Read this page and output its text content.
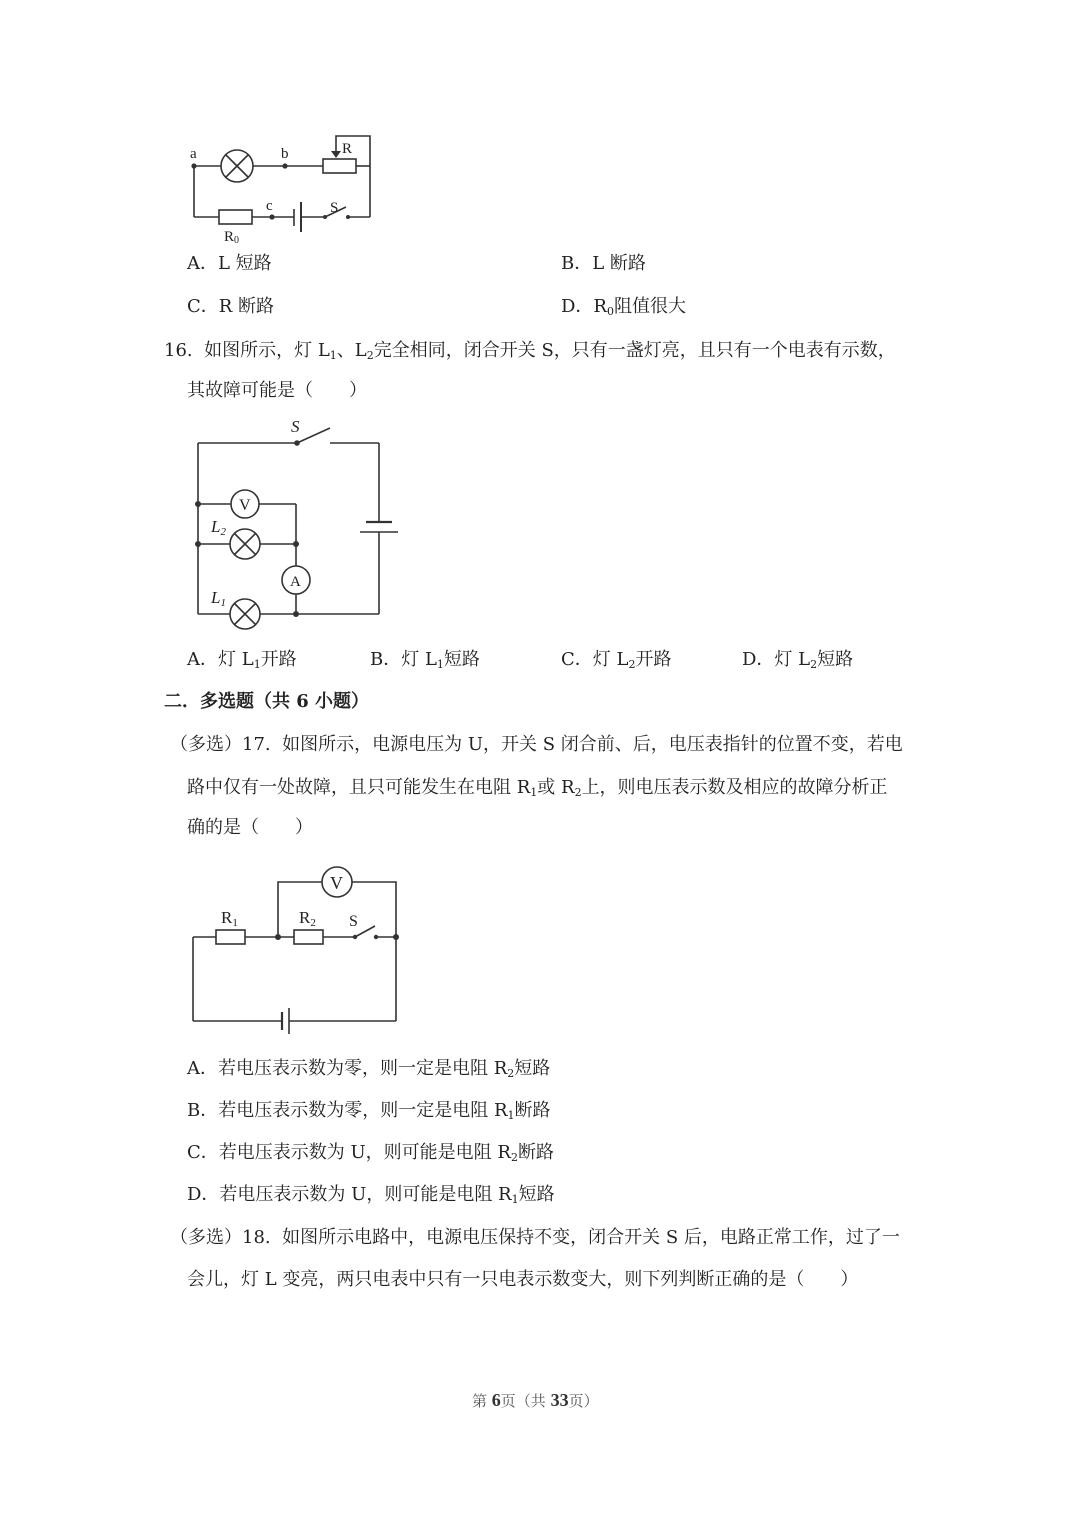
a	b
c
R
S
R0
A．L 短路	B．L 断路
C．R 断路	D．R0阻值很大
16. 如图所示，灯 L1、L2完全相同，闭合开关 S，只有一盏灯亮，且只有一个电表有示数，
其故障可能是（　　）
V
A
S
L2
L1
A．灯 L1开路	B．灯 L1短路	C．灯 L2开路	D．灯 L2短路
二．多选题（共 6 小题）
（多选）17. 如图所示，电源电压为 U，开关 S 闭合前、后，电压表指针的位置不变，若电
路中仅有一处故障，且只可能发生在电阻 R1或 R2上，则电压表示数及相应的故障分析正
确的是（　　）
V
R1	R2 S
A．若电压表示数为零，则一定是电阻 R2短路
B．若电压表示数为零，则一定是电阻 R1断路
C．若电压表示数为 U，则可能是电阻 R2断路
D．若电压表示数为 U，则可能是电阻 R1短路
（多选）18. 如图所示电路中，电源电压保持不变，闭合开关 S 后，电路正常工作，过了一
会儿，灯 L 变亮，两只电表中只有一只电表示数变大，则下列判断正确的是（　　）
第 6页（共 33页）
